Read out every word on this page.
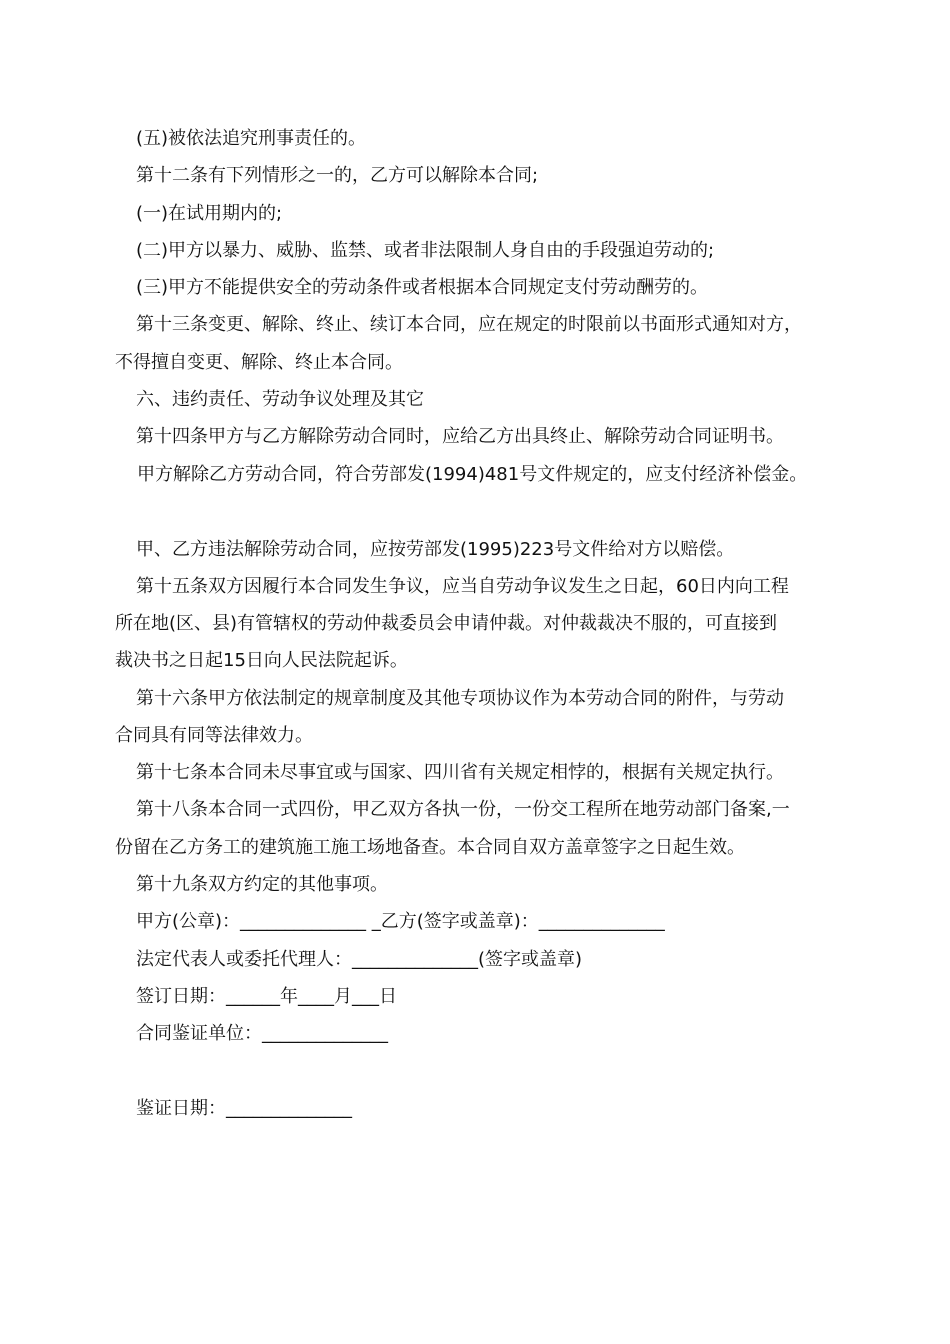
(五)被依法追究刑事责任的。
第十二条有下列情形之一的，乙方可以解除本合同;
(一)在试用期内的;
(二)甲方以暴力、威胁、监禁、或者非法限制人身自由的手段强迫劳动的;
(三)甲方不能提供安全的劳动条件或者根据本合同规定支付劳动酬劳的。
第十三条变更、解除、终止、续订本合同，应在规定的时限前以书面形式通知对方，
不得擅自变更、解除、终止本合同。
六、违约责任、劳动争议处理及其它
第十四条甲方与乙方解除劳动合同时，应给乙方出具终止、解除劳动合同证明书。
甲方解除乙方劳动合同，符合劳部发(1994)481号文件规定的，应支付经济补偿金。
甲、乙方违法解除劳动合同，应按劳部发(1995)223号文件给对方以赔偿。
第十五条双方因履行本合同发生争议，应当自劳动争议发生之日起，60日内向工程
所在地(区、县)有管辖权的劳动仲裁委员会申请仲裁。对仲裁裁决不服的，可直接到
裁决书之日起15日向人民法院起诉。
第十六条甲方依法制定的规章制度及其他专项协议作为本劳动合同的附件，与劳动
合同具有同等法律效力。
第十七条本合同未尽事宜或与国家、四川省有关规定相悖的，根据有关规定执行。
第十八条本合同一式四份，甲乙双方各执一份，一份交工程所在地劳动部门备案,一
份留在乙方务工的建筑施工施工场地备查。本合同自双方盖章签字之日起生效。
第十九条双方约定的其他事项。
甲方(公章)：______________ _乙方(签字或盖章)：______________
法定代表人或委托代理人：______________(签字或盖章)
签订日期：______年____月___日
合同鉴证单位：______________
鉴证日期：______________
